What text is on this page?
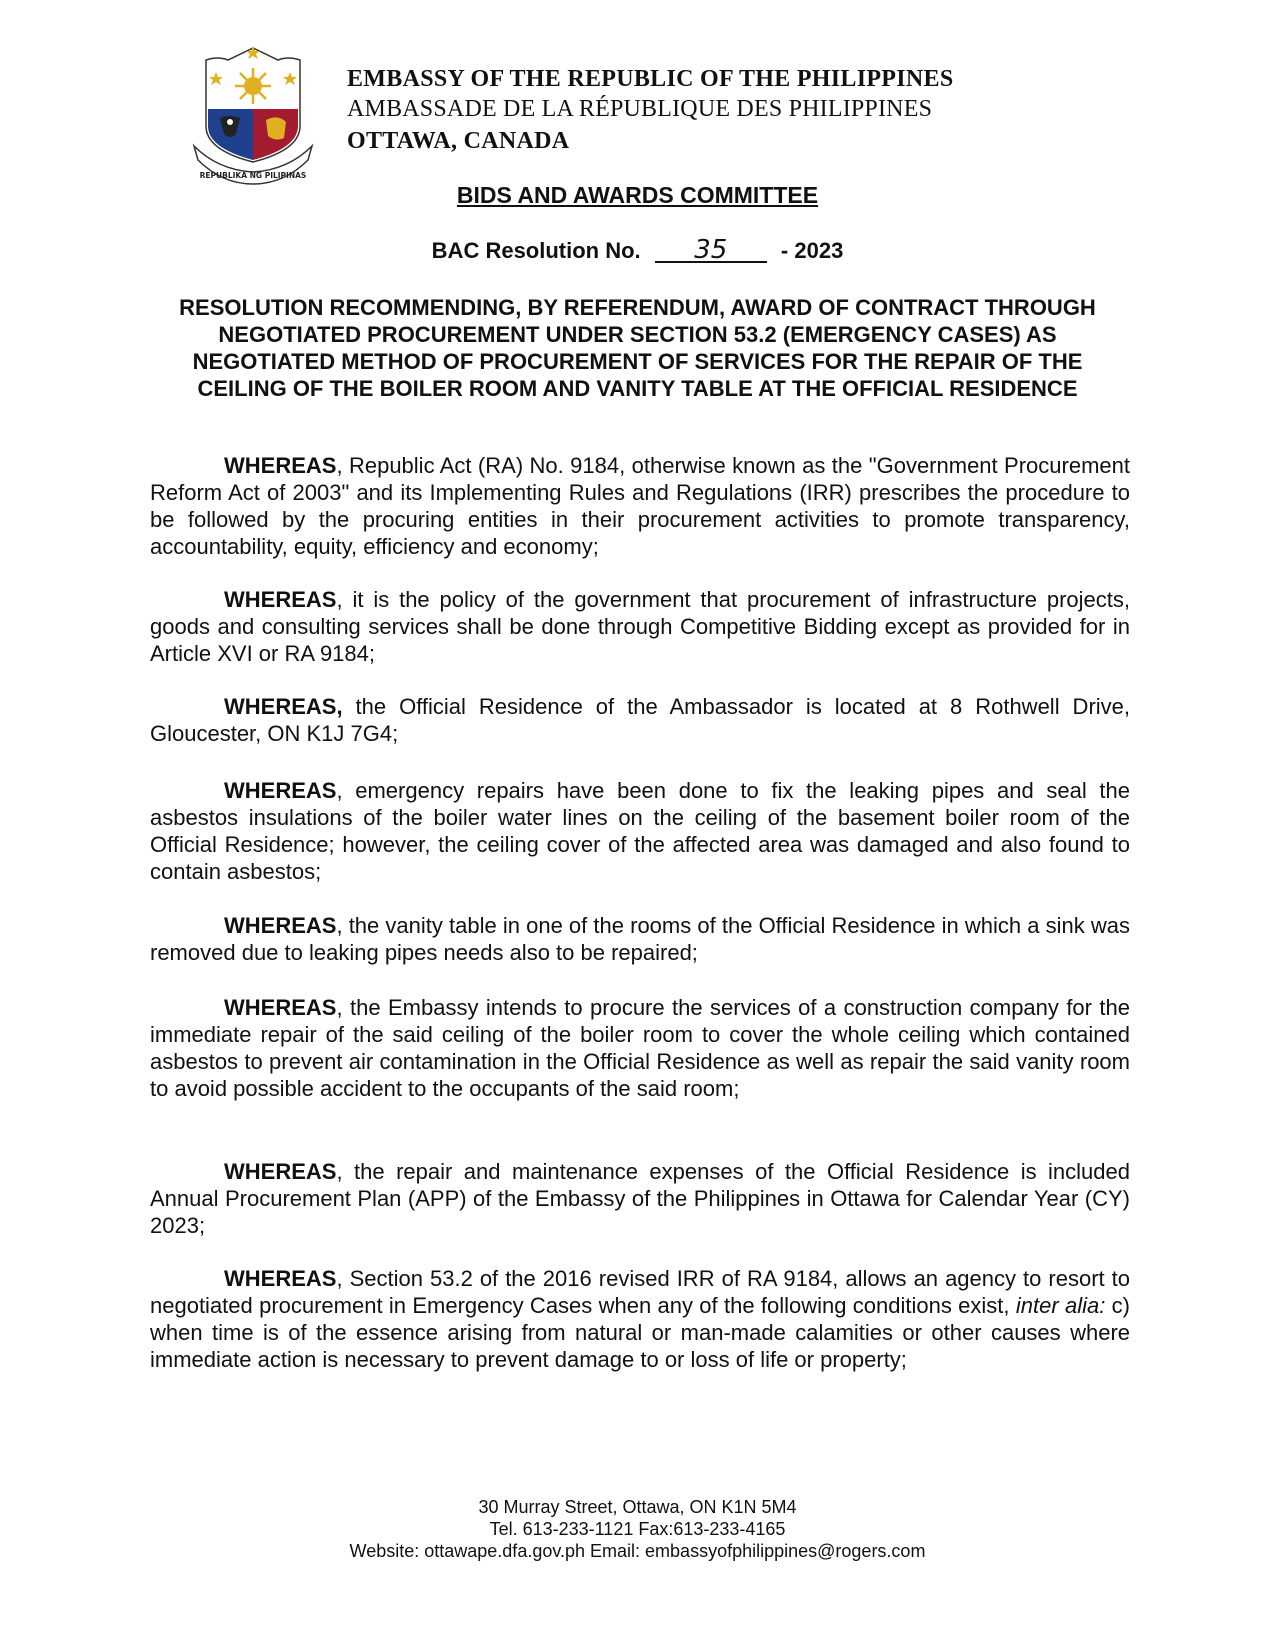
REPUBLIKA NG PILIPINAS
EMBASSY OF THE REPUBLIC OF THE PHILIPPINES
AMBASSADE DE LA RÉPUBLIQUE DES PHILIPPINES
OTTAWA, CANADA
BIDS AND AWARDS COMMITTEE
BAC Resolution No. 35 - 2023

RESOLUTION RECOMMENDING, BY REFERENDUM, AWARD OF CONTRACT THROUGH NEGOTIATED PROCUREMENT UNDER SECTION 53.2 (EMERGENCY CASES) AS NEGOTIATED METHOD OF PROCUREMENT OF SERVICES FOR THE REPAIR OF THE CEILING OF THE BOILER ROOM AND VANITY TABLE AT THE OFFICIAL RESIDENCE

WHEREAS, Republic Act (RA) No. 9184, otherwise known as the "Government Procurement Reform Act of 2003" and its Implementing Rules and Regulations (IRR) prescribes the procedure to be followed by the procuring entities in their procurement activities to promote transparency, accountability, equity, efficiency and economy;

WHEREAS, it is the policy of the government that procurement of infrastructure projects, goods and consulting services shall be done through Competitive Bidding except as provided for in Article XVI or RA 9184;

WHEREAS, the Official Residence of the Ambassador is located at 8 Rothwell Drive, Gloucester, ON K1J 7G4;

WHEREAS, emergency repairs have been done to fix the leaking pipes and seal the asbestos insulations of the boiler water lines on the ceiling of the basement boiler room of the Official Residence; however, the ceiling cover of the affected area was damaged and also found to contain asbestos;

WHEREAS, the vanity table in one of the rooms of the Official Residence in which a sink was removed due to leaking pipes needs also to be repaired;

WHEREAS, the Embassy intends to procure the services of a construction company for the immediate repair of the said ceiling of the boiler room to cover the whole ceiling which contained asbestos to prevent air contamination in the Official Residence as well as repair the said vanity room to avoid possible accident to the occupants of the said room;

WHEREAS, the repair and maintenance expenses of the Official Residence is included Annual Procurement Plan (APP) of the Embassy of the Philippines in Ottawa for Calendar Year (CY) 2023;

WHEREAS, Section 53.2 of the 2016 revised IRR of RA 9184, allows an agency to resort to negotiated procurement in Emergency Cases when any of the following conditions exist, inter alia: c) when time is of the essence arising from natural or man-made calamities or other causes where immediate action is necessary to prevent damage to or loss of life or property;

30 Murray Street, Ottawa, ON K1N 5M4
Tel. 613-233-1121 Fax:613-233-4165
Website: ottawape.dfa.gov.ph Email: embassyofphilippines@rogers.com
